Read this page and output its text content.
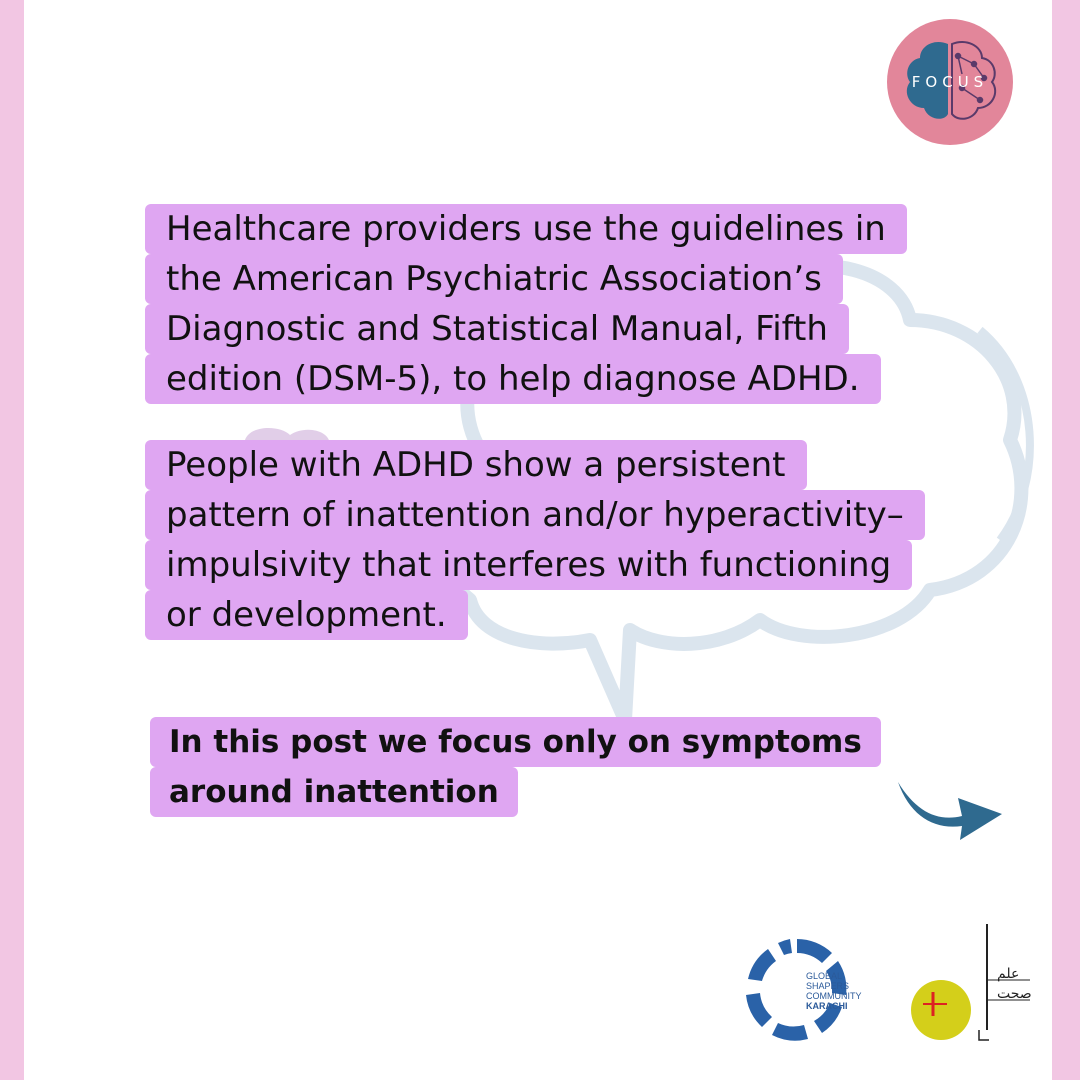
FOCUS
Healthcare providers use the guidelines in
the American Psychiatric Association’s
Diagnostic and Statistical Manual, Fifth
edition (DSM-5), to help diagnose ADHD.
People with ADHD show a persistent
pattern of inattention and/or hyperactivity–
impulsivity that interferes with functioning
or development.
In this post we focus only on symptoms
around inattention
GLOBAL
SHAPERS
COMMUNITY
KARACHI
علم
صحت
